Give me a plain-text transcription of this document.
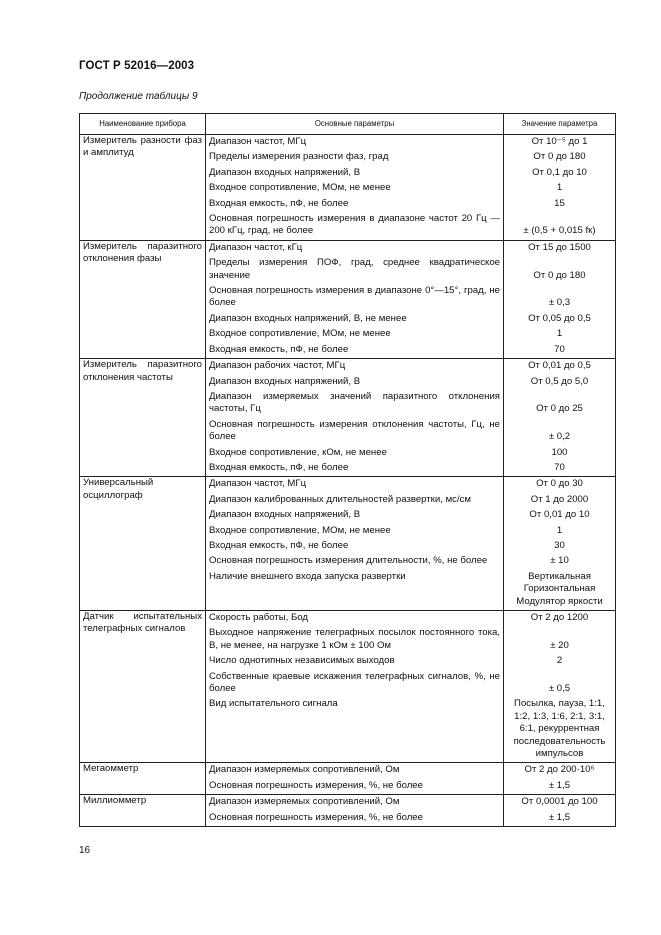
ГОСТ Р 52016—2003
Продолжение таблицы 9
Наименование прибора	Основные параметры	Значение параметра
Измеритель разности фаз и амплитуд	Диапазон частот, МГц	От 10⁻⁵ до 1
	Пределы измерения разности фаз, град	От 0 до 180
	Диапазон входных напряжений, В	От 0,1 до 10
	Входное сопротивление, МОм, не менее	1
	Входная емкость, пФ, не более	15
	Основная погрешность измерения в диапазоне частот 20 Гц — 200 кГц, град, не более	± (0,5 + 0,015 fк)
Измеритель паразитного отклонения фазы	Диапазон частот, кГц	От 15 до 1500
	Пределы измерения ПОФ, град, среднее квадратическое значение	От 0 до 180
	Основная погрешность измерения в диапазоне 0°—15°, град, не более	± 0,3
	Диапазон входных напряжений, В, не менее	От 0,05 до 0,5
	Входное сопротивление, МОм, не менее	1
	Входная емкость, пФ, не более	70
Измеритель паразитного отклонения частоты	Диапазон рабочих частот, МГц	От 0,01 до 0,5
	Диапазон входных напряжений, В	От 0,5 до 5,0
	Диапазон измеряемых значений паразитного отклонения частоты, Гц	От 0 до 25
	Основная погрешность измерения отклонения частоты, Гц, не более	± 0,2
	Входное сопротивление, кОм, не менее	100
	Входная емкость, пФ, не более	70
Универсальный осциллограф	Диапазон частот, МГц	От 0 до 30
	Диапазон калиброванных длительностей развертки, мс/см	От 1 до 2000
	Диапазон входных напряжений, В	От 0,01 до 10
	Входное сопротивление, МОм, не менее	1
	Входная емкость, пФ, не более	30
	Основная погрешность измерения длительности, %, не более	± 10
	Наличие внешнего входа запуска развертки	Вертикальная Горизонтальная Модулятор яркости
Датчик испытательных телеграфных сигналов	Скорость работы, Бод	От 2 до 1200
	Выходное напряжение телеграфных посылок постоянного тока, В, не менее, на нагрузке 1 кОм ± 100 Ом	± 20
	Число однотипных независимых выходов	2
	Собственные краевые искажения телеграфных сигналов, %, не более	± 0,5
	Вид испытательного сигнала	Посылка, пауза, 1:1, 1:2, 1:3, 1:6, 2:1, 3:1, 6:1, рекуррентная последовательность импульсов
Мегаомметр	Диапазон измеряемых сопротивлений, Ом	От 2 до 200·10⁶
	Основная погрешность измерения, %, не более	± 1,5
Миллиомметр	Диапазон измеряемых сопротивлений, Ом	От 0,0001 до 100
	Основная погрешность измерения, %, не более	± 1,5
16
